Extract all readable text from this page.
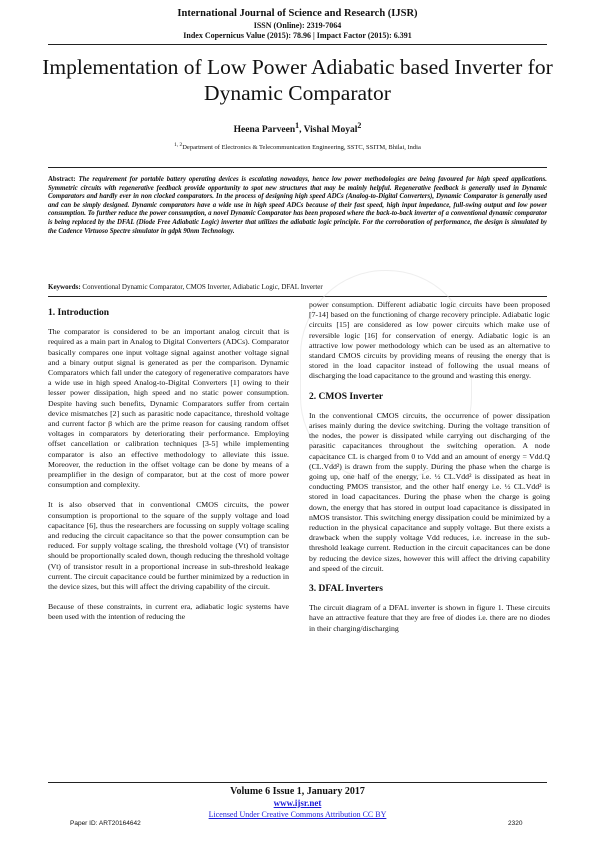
International Journal of Science and Research (IJSR)
ISSN (Online): 2319-7064
Index Copernicus Value (2015): 78.96 | Impact Factor (2015): 6.391
Implementation of Low Power Adiabatic based Inverter for Dynamic Comparator
Heena Parveen$^1$, Vishal Moyal$^2$
$^{1, 2}$Department of Electronics & Telecommunication Engineering, SSTC, SSITM, Bhilai, India
Abstract: The requirement for portable battery operating devices is escalating nowadays, hence low power methodologies are being favoured for high speed applications. Symmetric circuits with regenerative feedback provide opportunity to spot new structures that may be mainly helpful. Regenerative feedback is generally used in Dynamic Comparators and hardly ever in non clocked comparators. In the process of designing high speed ADCs (Analog-to-Digital Converters), Dynamic Comparator is generally used and can be simply designed. Dynamic comparators have a wide use in high speed ADCs because of their fast speed, high input impedance, full-swing output and low power consumption. To further reduce the power consumption, a novel Dynamic Comparator has been proposed where the back-to-back inverter of a conventional dynamic comparator is being replaced by the DFAL (Diode Free Adiabatic Logic) inverter that utilizes the adiabatic logic principle. For the corroboration of performance, the design is simulated by the Cadence Virtuoso Spectre simulator in gdpk 90nm Technology.
Keywords: Conventional Dynamic Comparator, CMOS Inverter, Adiabatic Logic, DFAL Inverter
1. Introduction

The comparator is considered to be an important analog circuit that is required as a main part in Analog to Digital Converters (ADCs). Comparator basically compares one input voltage signal against another voltage signal and a binary output signal is generated as per the comparison. Dynamic Comparators which fall under the category of regenerative comparators have a wide use in high speed Analog-to-Digital Converters [1] owing to their lesser power dissipation, high speed and no static power consumption. Despite having such benefits, Dynamic Comparators suffer from certain device mismatches [2] such as parasitic node capacitance, threshold voltage and current factor β which are the prime reason for causing random offset voltages in comparators by deteriorating their performance. Employing offset cancellation or calibration techniques [3-5] while implementing comparator is also an effective methodology to alleviate this issue. Moreover, the reduction in the offset voltage can be done by means of a preamplifier in the design of comparator, but at the cost of more power consumption and complexity.

It is also observed that in conventional CMOS circuits, the power consumption is proportional to the square of the supply voltage and load capacitance [6], thus the researchers are focussing on supply voltage scaling and reducing the circuit capacitance so that the power consumption can be reduced. For supply voltage scaling, the threshold voltage (Vt) of transistor should be proportionally scaled down, though reducing the threshold voltage (Vt) of transistor result in a proportional increase in sub-threshold leakage current. The circuit capacitance could be further minimized by a reduction in the device sizes, but this will affect the driving capability of the circuit.

Because of these constraints, in current era, adiabatic logic systems have been used with the intention of reducing the

power consumption. Different adiabatic logic circuits have been proposed [7-14] based on the functioning of charge recovery principle. Adiabatic logic circuits [15] are considered as low power circuits which make use of reversible logic [16] for conservation of energy. Adiabatic logic is an attractive low power methodology which can be used as an alternative to standard CMOS circuits by providing means of reusing the energy that is stored in the load capacitor instead of following the usual means of discharging the load capacitance to the ground and wasting this energy.

2. CMOS Inverter

In the conventional CMOS circuits, the occurrence of power dissipation arises mainly during the device switching. During the voltage transition of the nodes, the power is dissipated while carrying out discharging of the parasitic capacitances throughout the switching operation. A node capacitance CL is charged from 0 to Vdd and an amount of energy = Vdd.Q (CL.Vdd²) is drawn from the supply. During the phase when the charge is going up, one half of the energy, i.e. ½ CL.Vdd² is dissipated as heat in conducting PMOS transistor, and the other half energy i.e. ½ CL.Vdd² is stored in load capacitances. During the phase when the charge is going down, the energy that has stored in output load capacitance is dissipated in nMOS transistor. This switching energy dissipation could be minimized by a reduction in the physical capacitance and supply voltage. But there exists a drawback when the supply voltage Vdd reduces, i.e. increase in the sub-threshold leakage current. Reduction in the circuit capacitances can be done by reducing the device sizes, however this will affect the driving capability and speed of the circuit.

3. DFAL Inverters

The circuit diagram of a DFAL inverter is shown in figure 1. These circuits have an attractive feature that they are free of diodes i.e. there are no diodes in their charging/discharging

Volume 6 Issue 1, January 2017
www.ijsr.net
Licensed Under Creative Commons Attribution CC BY
Paper ID: ART20164642	2320
